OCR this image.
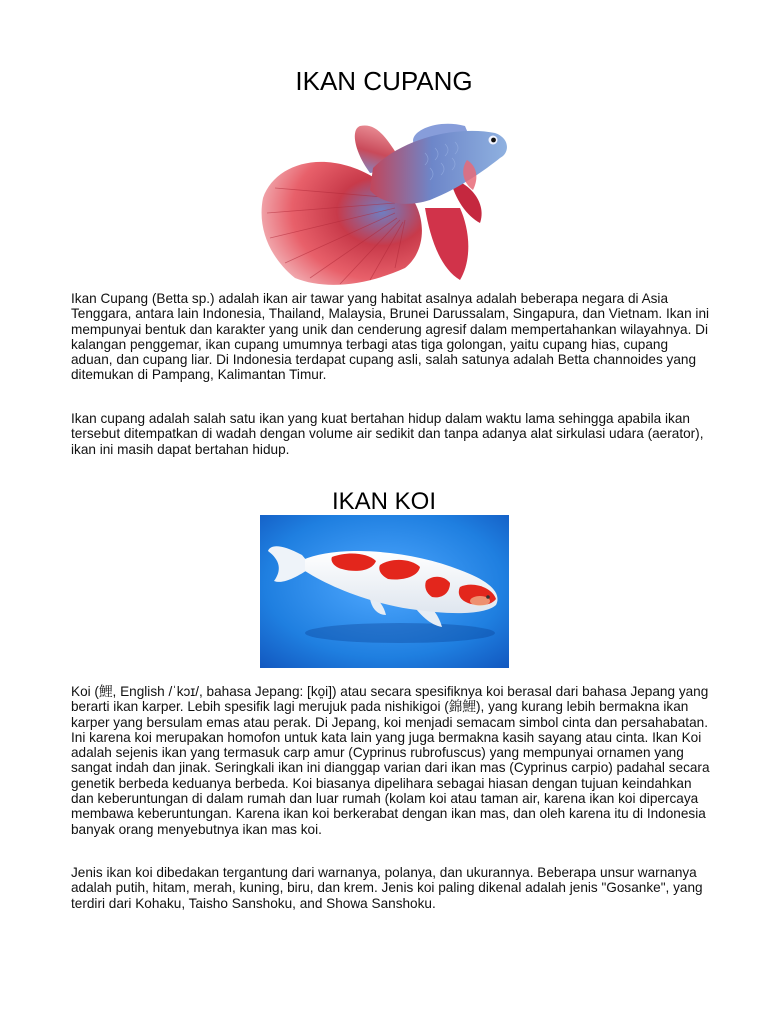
IKAN CUPANG

Ikan Cupang (Betta sp.) adalah ikan air tawar yang habitat asalnya adalah beberapa negara di Asia Tenggara, antara lain Indonesia, Thailand, Malaysia, Brunei Darussalam, Singapura, dan Vietnam. Ikan ini mempunyai bentuk dan karakter yang unik dan cenderung agresif dalam mempertahankan wilayahnya. Di kalangan penggemar, ikan cupang umumnya terbagi atas tiga golongan, yaitu cupang hias, cupang aduan, dan cupang liar. Di Indonesia terdapat cupang asli, salah satunya adalah Betta channoides yang ditemukan di Pampang, Kalimantan Timur.

Ikan cupang adalah salah satu ikan yang kuat bertahan hidup dalam waktu lama sehingga apabila ikan tersebut ditempatkan di wadah dengan volume air sedikit dan tanpa adanya alat sirkulasi udara (aerator), ikan ini masih dapat bertahan hidup.

IKAN KOI

Koi (鯉, English /ˈkɔɪ/, bahasa Jepang: [ko͍i]) atau secara spesifiknya koi berasal dari bahasa Jepang yang berarti ikan karper. Lebih spesifik lagi merujuk pada nishikigoi (錦鯉), yang kurang lebih bermakna ikan karper yang bersulam emas atau perak. Di Jepang, koi menjadi semacam simbol cinta dan persahabatan. Ini karena koi merupakan homofon untuk kata lain yang juga bermakna kasih sayang atau cinta. Ikan Koi adalah sejenis ikan yang termasuk carp amur (Cyprinus rubrofuscus) yang mempunyai ornamen yang sangat indah dan jinak. Seringkali ikan ini dianggap varian dari ikan mas (Cyprinus carpio) padahal secara genetik berbeda keduanya berbeda. Koi biasanya dipelihara sebagai hiasan dengan tujuan keindahkan dan keberuntungan di dalam rumah dan luar rumah (kolam koi atau taman air, karena ikan koi dipercaya membawa keberuntungan. Karena ikan koi berkerabat dengan ikan mas, dan oleh karena itu di Indonesia banyak orang menyebutnya ikan mas koi.

Jenis ikan koi dibedakan tergantung dari warnanya, polanya, dan ukurannya. Beberapa unsur warnanya adalah putih, hitam, merah, kuning, biru, dan krem. Jenis koi paling dikenal adalah jenis "Gosanke", yang terdiri dari Kohaku, Taisho Sanshoku, and Showa Sanshoku.
